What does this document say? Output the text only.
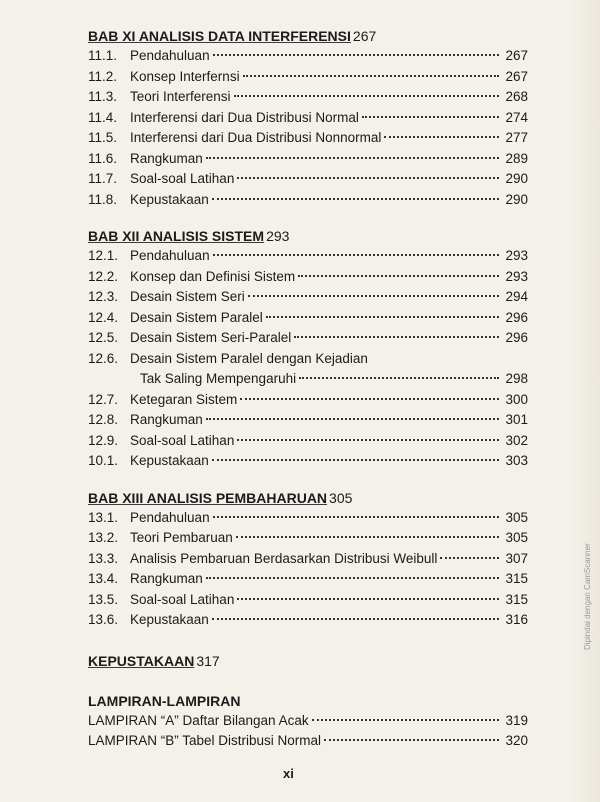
BAB XI ANALISIS DATA INTERFERENSI 267
11.1. Pendahuluan	267
11.2. Konsep Interfernsi	267
11.3. Teori Interferensi	268
11.4. Interferensi dari Dua Distribusi Normal	274
11.5. Interferensi dari Dua Distribusi Nonnormal	277
11.6. Rangkuman	289
11.7. Soal-soal Latihan	290
11.8. Kepustakaan	290
BAB XII ANALISIS SISTEM 293
12.1. Pendahuluan	293
12.2. Konsep dan Definisi Sistem	293
12.3. Desain Sistem Seri	294
12.4. Desain Sistem Paralel	296
12.5. Desain Sistem Seri-Paralel	296
12.6. Desain Sistem Paralel dengan Kejadian
Tak Saling Mempengaruhi	298
12.7. Ketegaran Sistem	300
12.8. Rangkuman	301
12.9. Soal-soal Latihan	302
10.1. Kepustakaan	303
BAB XIII ANALISIS PEMBAHARUAN 305
13.1. Pendahuluan	305
13.2. Teori Pembaruan	305
13.3. Analisis Pembaruan Berdasarkan Distribusi Weibull	307
13.4. Rangkuman	315
13.5. Soal-soal Latihan	315
13.6. Kepustakaan	316
KEPUSTAKAAN 317
LAMPIRAN-LAMPIRAN
LAMPIRAN “A” Daftar Bilangan Acak	319
LAMPIRAN “B” Tabel Distribusi Normal	320
xi
Dipindai dengan CamScanner
